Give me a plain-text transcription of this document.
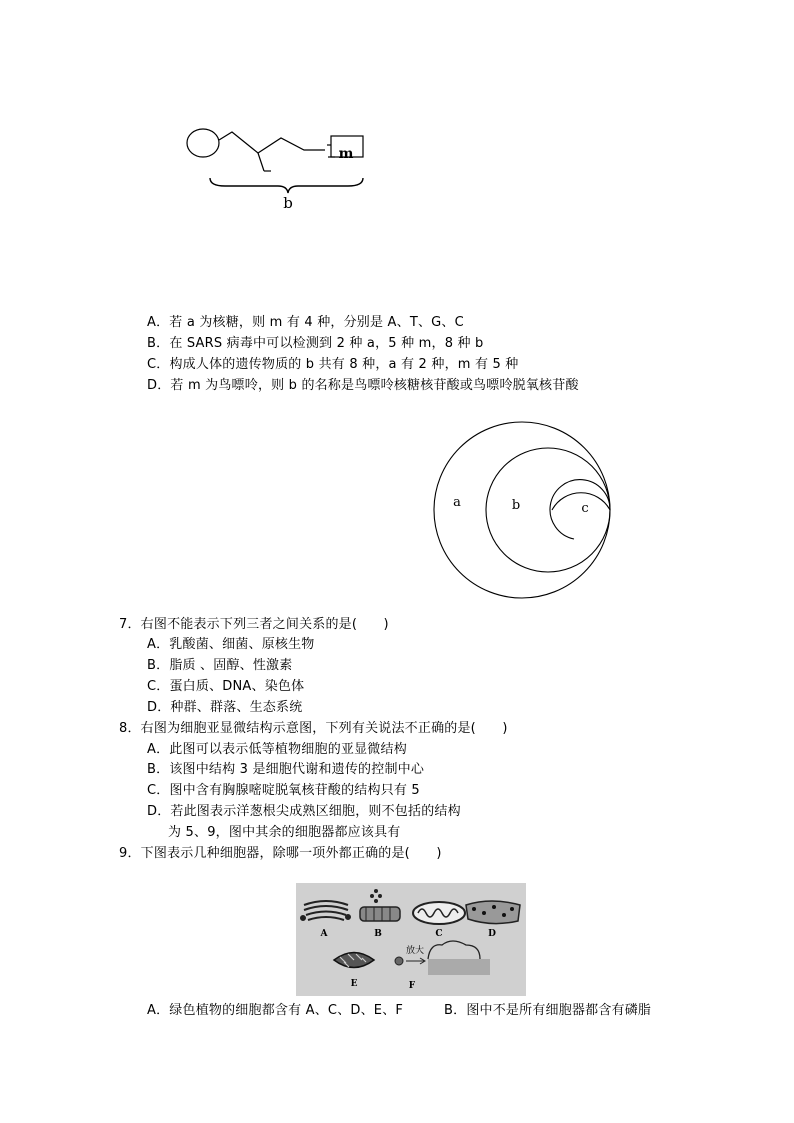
m
b
A．若 a 为核糖，则 m 有 4 种，分别是 A、T、G、C
B．在 SARS 病毒中可以检测到 2 种 a，5 种 m，8 种 b
C．构成人体的遗传物质的 b 共有 8 种，a 有 2 种，m 有 5 种
D．若 m 为鸟嘌呤，则 b 的名称是鸟嘌呤核糖核苷酸或鸟嘌呤脱氧核苷酸
a	b	c
7．右图不能表示下列三者之间关系的是(　　)
A．乳酸菌、细菌、原核生物
B．脂质 、固醇、性激素
C．蛋白质、DNA、染色体
D．种群、群落、生态系统
8．右图为细胞亚显微结构示意图，下列有关说法不正确的是(　　)
A．此图可以表示低等植物细胞的亚显微结构
B．该图中结构 3 是细胞代谢和遗传的控制中心
C．图中含有胸腺嘧啶脱氧核苷酸的结构只有 5
D．若此图表示洋葱根尖成熟区细胞，则不包括的结构
为 5、9，图中其余的细胞器都应该具有
9．下图表示几种细胞器，除哪一项外都正确的是(　　)
A	B	C	D
放大
E	F
A．绿色植物的细胞都含有 A、C、D、E、F	B．图中不是所有细胞器都含有磷脂
